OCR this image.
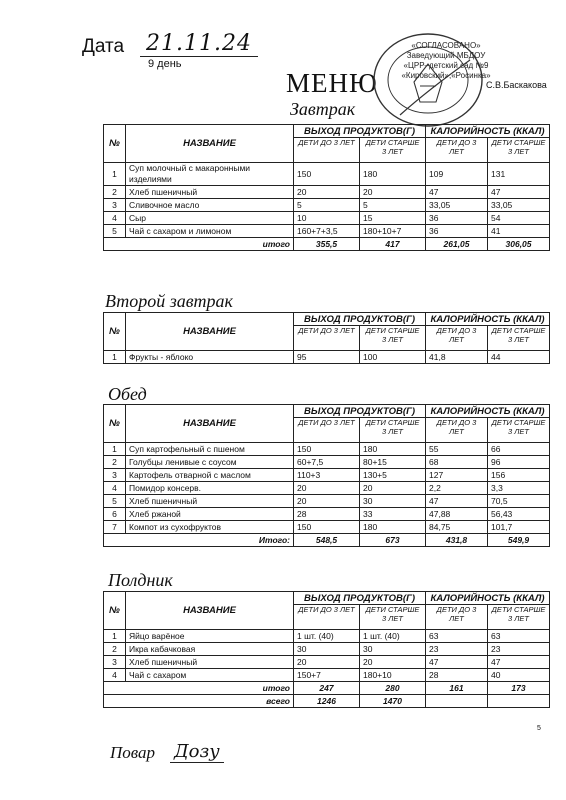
Дата 21.11.24
9 день
МЕНЮ
«СОГЛАСОВАНО»
Заведующий МБДОУ
«ЦРР–детский сад №9
«Кировский»,«Росинка»
С.В.Баскакова
Завтрак
№	НАЗВАНИЕ	ВЫХОД ПРОДУКТОВ(Г)		КАЛОРИЙНОСТЬ (ККАЛ)	
		ДЕТИ ДО 3 ЛЕТ	ДЕТИ СТАРШЕ 3 ЛЕТ	ДЕТИ ДО 3 ЛЕТ	ДЕТИ СТАРШЕ 3 ЛЕТ
1	Суп молочный с макаронными изделиями	150	180	109	131
2	Хлеб пшеничный	20	20	47	47
3	Сливочное масло	5	5	33,05	33,05
4	Сыр	10	15	36	54
5	Чай с сахаром и лимоном	160+7+3,5	180+10+7	36	41
итого		355,5	417	261,05	306,05
Второй завтрак
№	НАЗВАНИЕ	ВЫХОД ПРОДУКТОВ(Г)		КАЛОРИЙНОСТЬ (ККАЛ)	
		ДЕТИ ДО 3 ЛЕТ	ДЕТИ СТАРШЕ 3 ЛЕТ	ДЕТИ ДО 3 ЛЕТ	ДЕТИ СТАРШЕ 3 ЛЕТ
1	Фрукты - яблоко	95	100	41,8	44
Обед
№	НАЗВАНИЕ	ВЫХОД ПРОДУКТОВ(Г)		КАЛОРИЙНОСТЬ (ККАЛ)	
		ДЕТИ ДО 3 ЛЕТ	ДЕТИ СТАРШЕ 3 ЛЕТ	ДЕТИ ДО 3 ЛЕТ	ДЕТИ СТАРШЕ 3 ЛЕТ
1	Суп картофельный с пшеном	150	180	55	66
2	Голубцы ленивые с соусом	60+7,5	80+15	68	96
3	Картофель отварной с маслом	110+3	130+5	127	156
4	Помидор консерв.	20	20	2,2	3,3
5	Хлеб пшеничный	20	30	47	70,5
6	Хлеб ржаной	28	33	47,88	56,43
7	Компот из сухофруктов	150	180	84,75	101,7
Итого:		548,5	673	431,8	549,9
Полдник
№	НАЗВАНИЕ	ВЫХОД ПРОДУКТОВ(Г)		КАЛОРИЙНОСТЬ (ККАЛ)	
		ДЕТИ ДО 3 ЛЕТ	ДЕТИ СТАРШЕ 3 ЛЕТ	ДЕТИ ДО 3 ЛЕТ	ДЕТИ СТАРШЕ 3 ЛЕТ
1	Яйцо варёное	1 шт. (40)	1 шт. (40)	63	63
2	Икра кабачковая	30	30	23	23
3	Хлеб пшеничный	20	20	47	47
4	Чай с сахаром	150+7	180+10	28	40
итого		247	280	161	173
всего		1246	1470		
Повар Дозу
5
